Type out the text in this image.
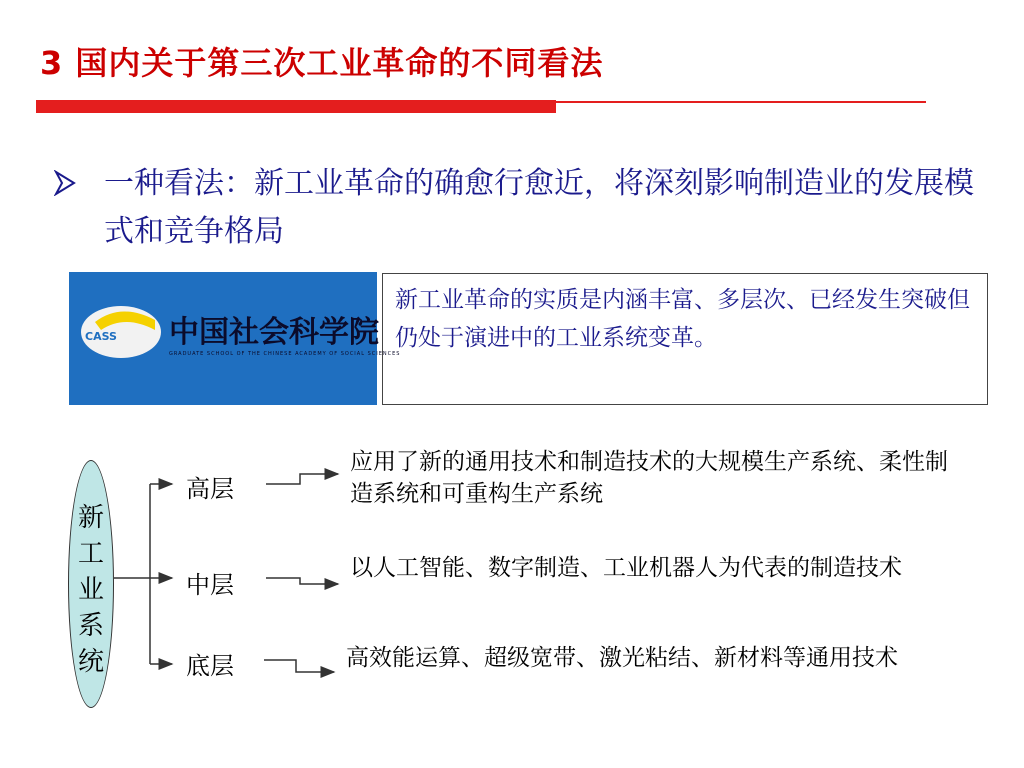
3 国内关于第三次工业革命的不同看法
一种看法：新工业革命的确愈行愈近，将深刻影响制造业的发展模式和竞争格局
CASS 中国社会科学院
GRADUATE SCHOOL OF THE CHINESE ACADEMY OF SOCIAL SCIENCES
新工业革命的实质是内涵丰富、多层次、已经发生突破但仍处于演进中的工业系统变革。
新工业系统
高层
中层
底层
应用了新的通用技术和制造技术的大规模生产系统、柔性制造系统和可重构生产系统
以人工智能、数字制造、工业机器人为代表的制造技术
高效能运算、超级宽带、激光粘结、新材料等通用技术
